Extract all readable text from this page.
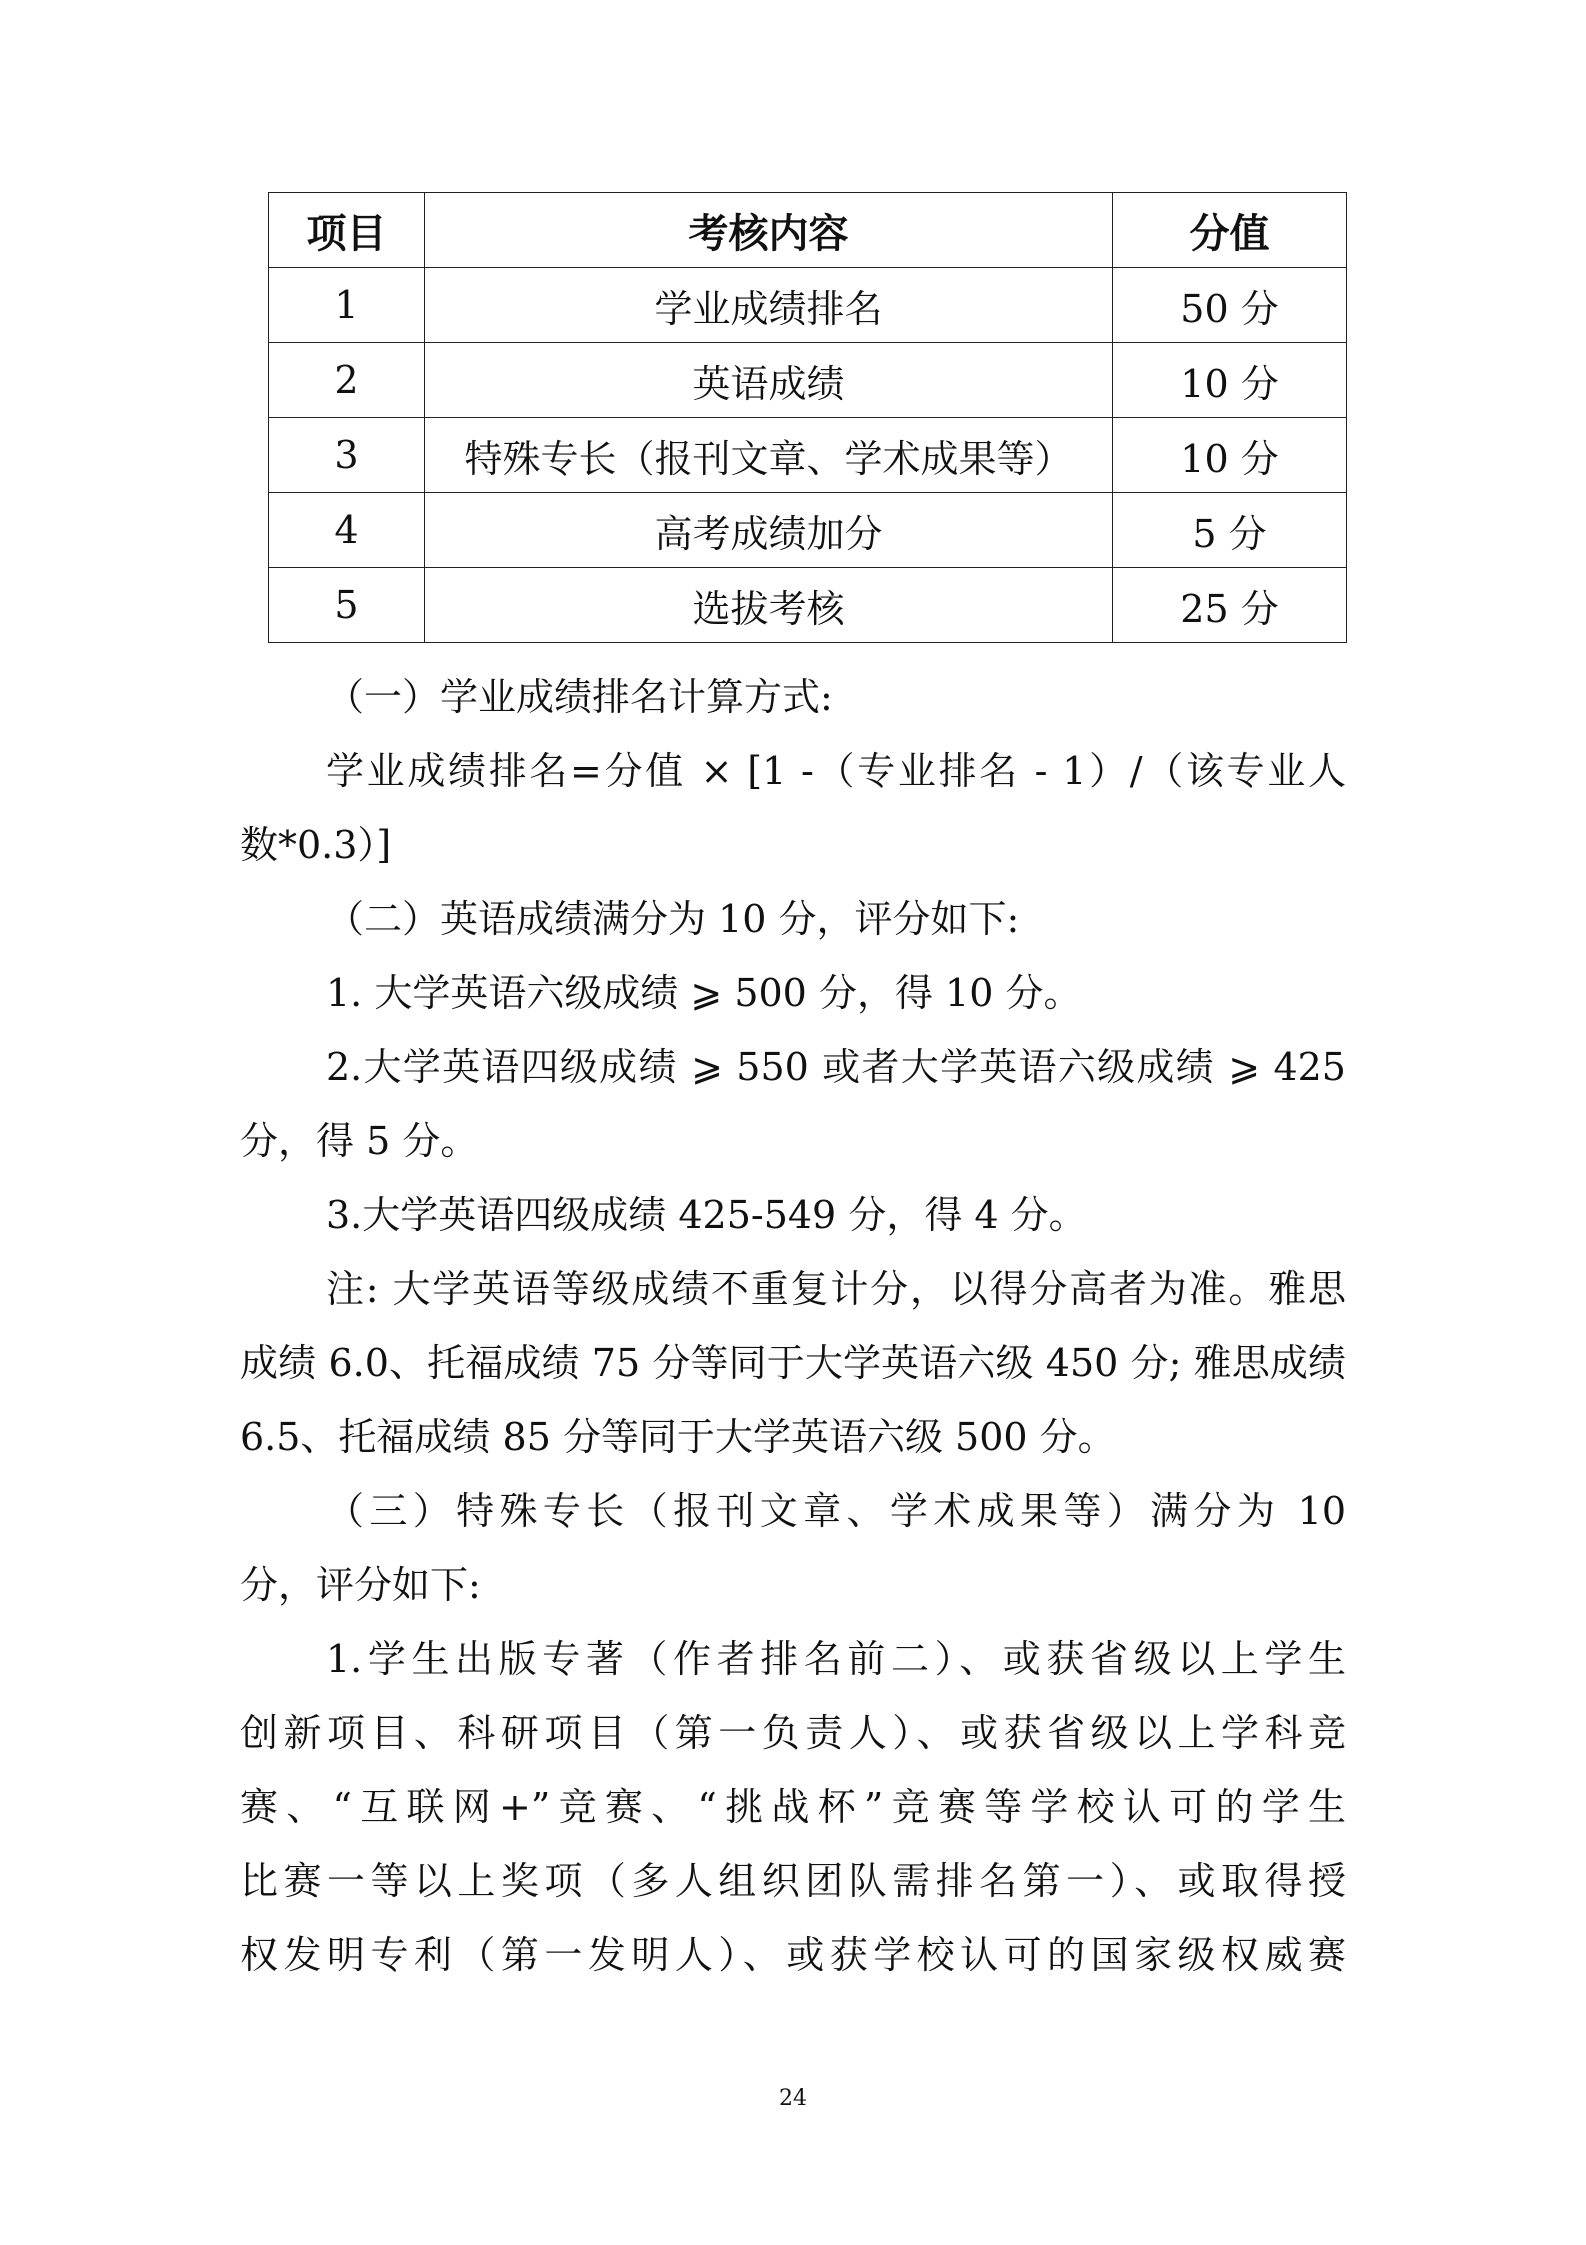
项目	考核内容	分值
1	学业成绩排名	50 分
2	英语成绩	10 分
3	特殊专长（报刊文章、学术成果等）	10 分
4	高考成绩加分	5 分
5	选拔考核	25 分

（一）学业成绩排名计算方式:

学业成绩排名=分值 × [1 -（专业排名 - 1）/（该专业人

数*0.3）]

（二）英语成绩满分为 10 分，评分如下:

1. 大学英语六级成绩 ⩾ 500 分，得 10 分。

2.大学英语四级成绩 ⩾ 550 或者大学英语六级成绩 ⩾ 425

分，得 5 分。

3.大学英语四级成绩 425-549 分，得 4 分。

注: 大学英语等级成绩不重复计分，以得分高者为准。雅思

成绩 6.0、托福成绩 75 分等同于大学英语六级 450 分; 雅思成绩

6.5、托福成绩 85 分等同于大学英语六级 500 分。

（三）特殊专长（报刊文章、学术成果等）满分为 10

分，评分如下:

1.学生出版专著（作者排名前二）、或获省级以上学生

创新项目、科研项目（第一负责人）、或获省级以上学科竞

赛、“互联网+”竞赛、“挑战杯”竞赛等学校认可的学生

比赛一等以上奖项（多人组织团队需排名第一）、或取得授

权发明专利（第一发明人）、或获学校认可的国家级权威赛

24
